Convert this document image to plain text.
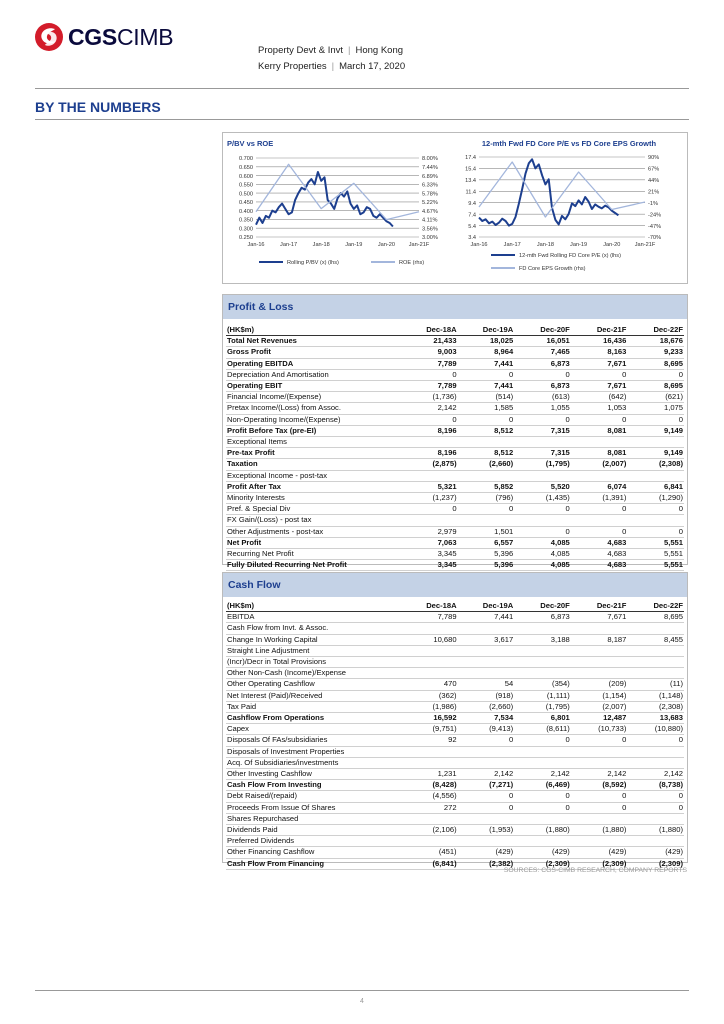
CGSCIMB
Property Devt & Invt | Hong Kong
Kerry Properties | March 17, 2020
BY THE NUMBERS
P/BV vs ROE	12-mth Fwd FD Core P/E vs FD Core EPS Growth
0.700
0.650
0.600
0.550
0.500
0.450
0.400
0.350
0.300
0.250
8.00%
7.44%
6.89%
6.33%
5.78%
5.22%
4.67%
4.11%
3.56%
3.00%
Jan-16	Jan-17	Jan-18	Jan-19	Jan-20 Jan-21F
Rolling P/BV (x) (lhs)	ROE (rhs)
17.4
15.4
13.4
11.4
9.4
7.4
5.4
3.4
90%
67%
44%
21%
-1%
-24%
-47%
-70%
Jan-16	Jan-17	Jan-18	Jan-19	Jan-20	Jan-21F
12-mth Fwd Rolling FD Core P/E (x) (lhs)
FD Core EPS Growth (rhs)
Profit & Loss
(HK$m)	Dec-18A	Dec-19A	Dec-20F	Dec-21F	Dec-22F
Total Net Revenues	21,433	18,025	16,051	16,436	18,676
Gross Profit	9,003	8,964	7,465	8,163	9,233
Operating EBITDA	7,789	7,441	6,873	7,671	8,695
Depreciation And Amortisation	0	0	0	0	0
Operating EBIT	7,789	7,441	6,873	7,671	8,695
Financial Income/(Expense)	(1,736)	(514)	(613)	(642)	(621)
Pretax Income/(Loss) from Assoc.	2,142	1,585	1,055	1,053	1,075
Non-Operating Income/(Expense)	0	0	0	0	0
Profit Before Tax (pre-EI)	8,196	8,512	7,315	8,081	9,149
Exceptional Items					
Pre-tax Profit	8,196	8,512	7,315	8,081	9,149
Taxation	(2,875)	(2,660)	(1,795)	(2,007)	(2,308)
Exceptional Income - post-tax					
Profit After Tax	5,321	5,852	5,520	6,074	6,841
Minority Interests	(1,237)	(796)	(1,435)	(1,391)	(1,290)
Pref. & Special Div	0	0	0	0	0
FX Gain/(Loss) - post tax					
Other Adjustments - post-tax	2,979	1,501	0	0	0
Net Profit	7,063	6,557	4,085	4,683	5,551
Recurring Net Profit	3,345	5,396	4,085	4,683	5,551
Fully Diluted Recurring Net Profit	3,345	5,396	4,085	4,683	5,551
Cash Flow
(HK$m)	Dec-18A	Dec-19A	Dec-20F	Dec-21F	Dec-22F
EBITDA	7,789	7,441	6,873	7,671	8,695
Cash Flow from Invt. & Assoc.					
Change In Working Capital	10,680	3,617	3,188	8,187	8,455
Straight Line Adjustment					
(Incr)/Decr in Total Provisions					
Other Non-Cash (Income)/Expense					
Other Operating Cashflow	470	54	(354)	(209)	(11)
Net Interest (Paid)/Received	(362)	(918)	(1,111)	(1,154)	(1,148)
Tax Paid	(1,986)	(2,660)	(1,795)	(2,007)	(2,308)
Cashflow From Operations	16,592	7,534	6,801	12,487	13,683
Capex	(9,751)	(9,413)	(8,611)	(10,733)	(10,880)
Disposals Of FAs/subsidiaries	92	0	0	0	0
Disposals of Investment Properties					
Acq. Of Subsidiaries/investments					
Other Investing Cashflow	1,231	2,142	2,142	2,142	2,142
Cash Flow From Investing	(8,428)	(7,271)	(6,469)	(8,592)	(8,738)
Debt Raised/(repaid)	(4,556)	0	0	0	0
Proceeds From Issue Of Shares	272	0	0	0	0
Shares Repurchased					
Dividends Paid	(2,106)	(1,953)	(1,880)	(1,880)	(1,880)
Preferred Dividends					
Other Financing Cashflow	(451)	(429)	(429)	(429)	(429)
Cash Flow From Financing	(6,841)	(2,382)	(2,309)	(2,309)	(2,309)
SOURCES: CGS-CIMB RESEARCH, COMPANY REPORTS
4
